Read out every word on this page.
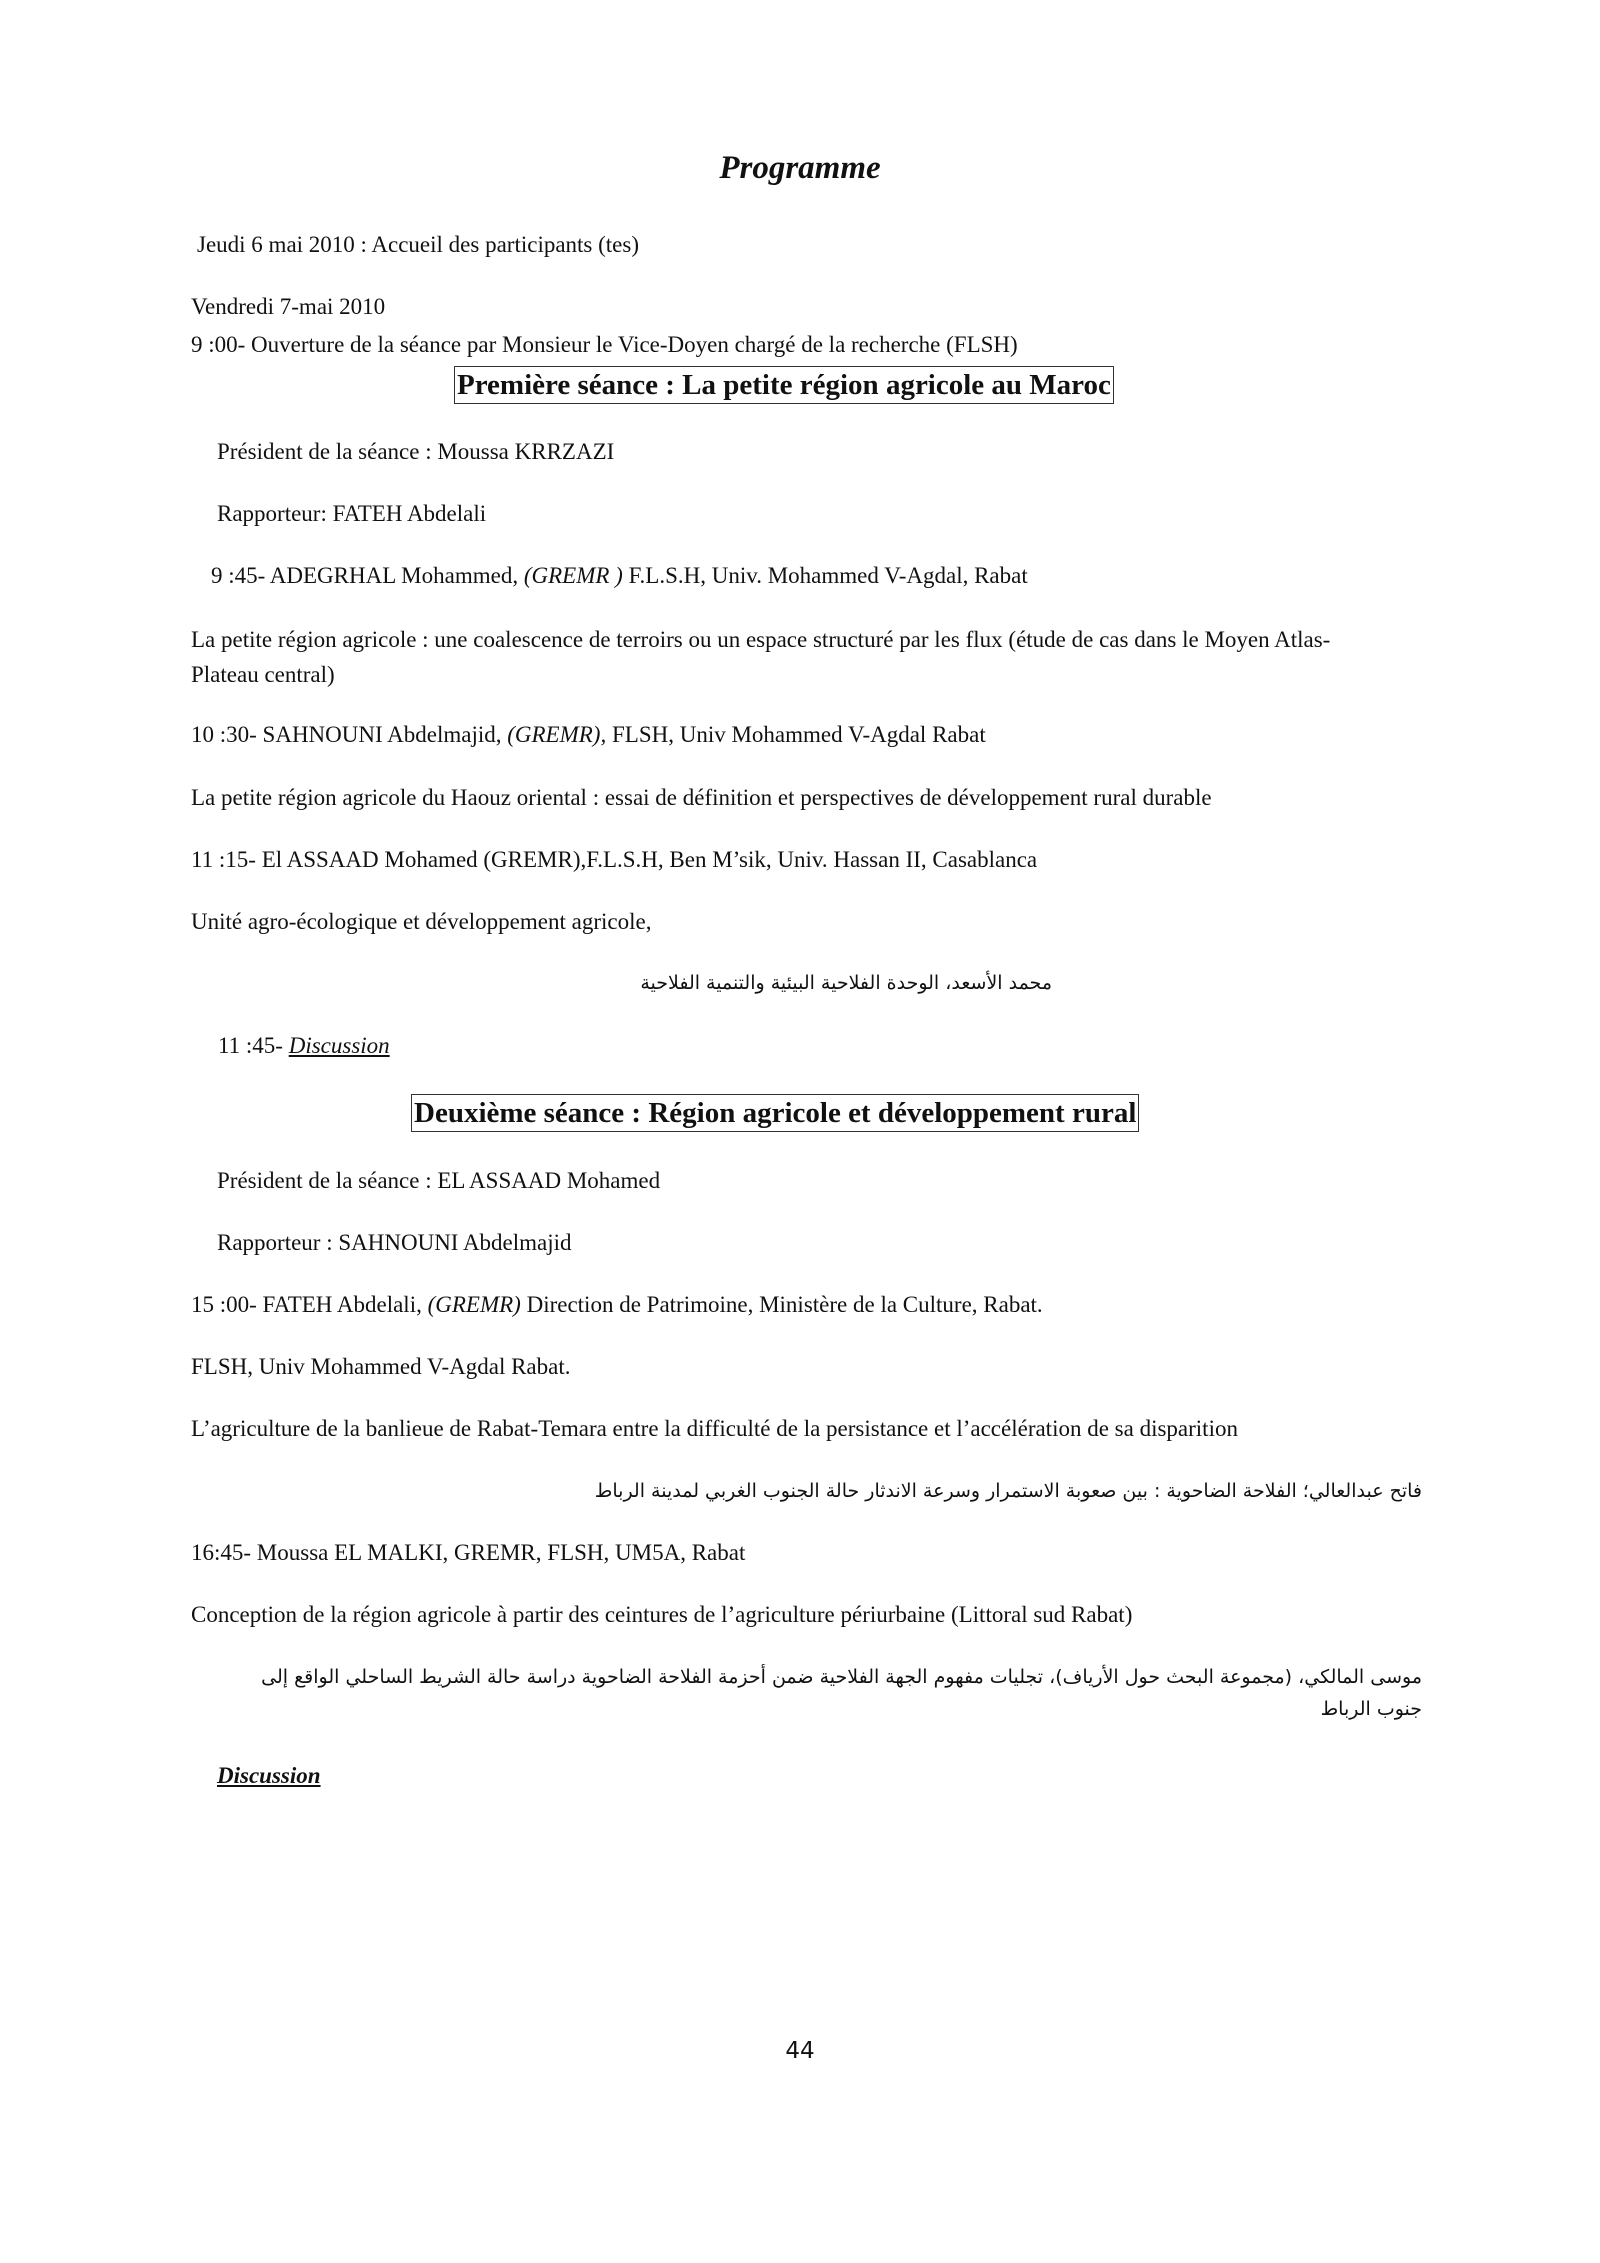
Programme
Jeudi 6 mai 2010 : Accueil des participants (tes)
Vendredi 7-mai 2010
9 :00- Ouverture de la séance par Monsieur le Vice-Doyen chargé de la recherche (FLSH)
Première séance : La petite région agricole au Maroc
Président de la séance : Moussa KRRZAZI
Rapporteur: FATEH Abdelali
9 :45- ADEGRHAL Mohammed, (GREMR ) F.L.S.H, Univ. Mohammed V-Agdal, Rabat
La petite région agricole : une coalescence de terroirs ou un espace structuré par les flux (étude de cas dans le Moyen Atlas-Plateau central)
10 :30- SAHNOUNI Abdelmajid, (GREMR), FLSH, Univ Mohammed V-Agdal Rabat
La petite région agricole du Haouz oriental : essai de définition et perspectives de développement rural durable
11 :15- El ASSAAD Mohamed (GREMR),F.L.S.H, Ben M’sik, Univ. Hassan II, Casablanca
Unité agro-écologique et développement agricole,
محمد الأسعد، الوحدة الفلاحية البيئية والتنمية الفلاحية
11 :45- Discussion
Deuxième séance : Région agricole et développement rural
Président de la séance : EL ASSAAD Mohamed
Rapporteur : SAHNOUNI Abdelmajid
15 :00- FATEH Abdelali, (GREMR) Direction de Patrimoine, Ministère de la Culture, Rabat.
FLSH, Univ Mohammed V-Agdal Rabat.
L’agriculture de la banlieue de Rabat-Temara entre la difficulté de la persistance et l’accélération de sa disparition
فاتح عبدالعالي؛ الفلاحة الضاحوية : بين صعوبة الاستمرار وسرعة الاندثار حالة الجنوب الغربي لمدينة الرباط
16:45- Moussa EL MALKI, GREMR, FLSH, UM5A, Rabat
Conception de la région agricole à partir des ceintures de l’agriculture périurbaine (Littoral sud Rabat)
موسى المالكي، (مجموعة البحث حول الأرياف)، تجليات مفهوم الجهة الفلاحية ضمن أحزمة الفلاحة الضاحوية دراسة حالة الشريط الساحلي الواقع إلى جنوب الرباط
Discussion
44
